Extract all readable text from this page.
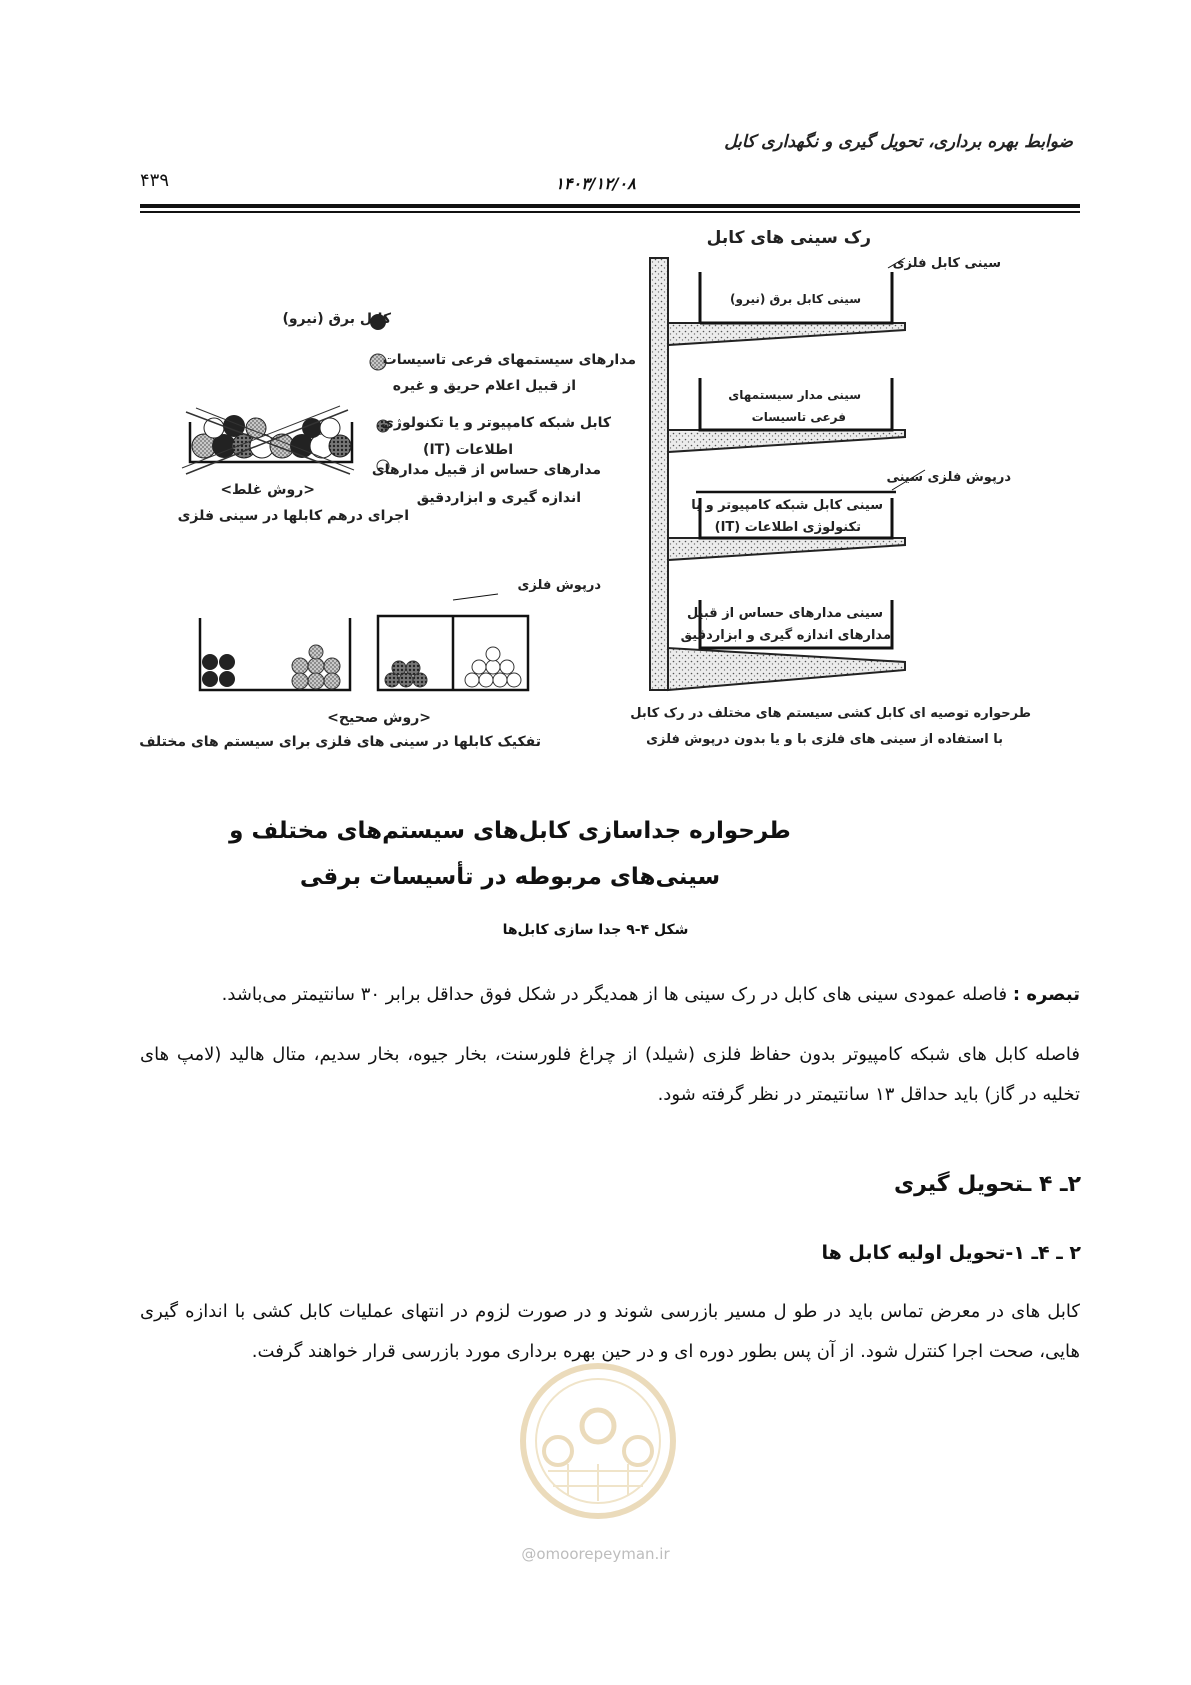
ضوابط بهره برداری، تحویل گیری و نگهداری کابل
۱۴۰۳/۱۲/۰۸
۴۳۹
رک سینی های کابل
سینی کابل فلزی
سینی کابل برق (نیرو)
سینی مدار سیستمهای
فرعی تاسیسات
درپوش فلزی سینی
سینی کابل شبکه کامپیوتر و یا
تکنولوژی اطلاعات (IT)
سینی مدارهای حساس از قبیل
مدارهای اندازه گیری و ابزاردقیق
طرحواره توصیه ای کابل کشی سیستم های مختلف در رک کابل
با استفاده از سینی های فلزی با و یا بدون درپوش فلزی
کابل برق (نیرو)
مدارهای سیستمهای فرعی تاسیسات
از قبیل اعلام حریق و غیره
کابل شبکه کامپیوتر و یا تکنولوژی
اطلاعات (IT)
مدارهای حساس از قبیل مدارهای
اندازه گیری و ابزاردقیق
<روش غلط>
اجرای درهم کابلها در سینی فلزی
درپوش فلزی
<روش صحیح>
تفکیک کابلها در سینی های فلزی برای سیستم های مختلف
طرحواره جداسازی کابل‌های سیستم‌های مختلف و سینی‌های مربوطه در تأسیسات برقی
شکل ۴-۹ جدا سازی کابل‌ها
تبصره : فاصله عمودی سینی های کابل در رک سینی ها از همدیگر در شکل فوق حداقل برابر ۳۰ سانتیمتر می‌باشد.
فاصله کابل های شبکه کامپیوتر بدون حفاظ فلزی (شیلد) از چراغ فلورسنت، بخار جیوه، بخار سدیم، متال هالید (لامپ های تخلیه در گاز) باید حداقل ۱۳ سانتیمتر در نظر گرفته شود.
۲ـ ۴ ـتحویل گیری
۲ ـ ۴ـ ۱-تحویل اولیه کابل ها
کابل های در معرض تماس باید در طو ل مسیر بازرسی شوند و در صورت لزوم در انتهای عملیات کابل کشی با اندازه گیری هایی، صحت اجرا کنترل شود. از آن پس بطور دوره ای و در حین بهره برداری مورد بازرسی قرار خواهند گرفت.
@omoorepeyman.ir
